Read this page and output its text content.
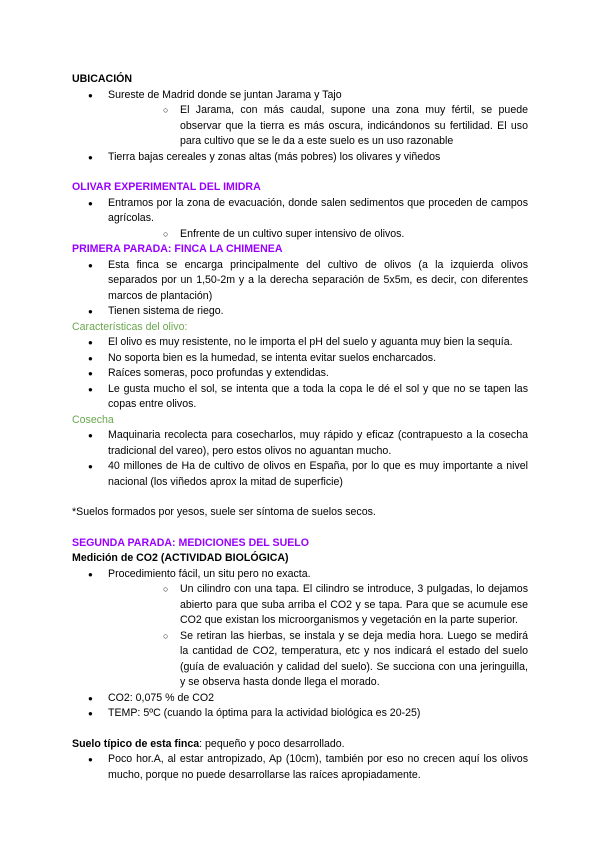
UBICACIÓN
● Sureste de Madrid donde se juntan Jarama y Tajo
○ El Jarama, con más caudal, supone una zona muy fértil, se puede observar que la tierra es más oscura, indicándonos su fertilidad. El uso para cultivo que se le da a este suelo es un uso razonable
● Tierra bajas cereales y zonas altas (más pobres) los olivares y viñedos
OLIVAR EXPERIMENTAL DEL IMIDRA
● Entramos por la zona de evacuación, donde salen sedimentos que proceden de campos agrícolas.
○ Enfrente de un cultivo super intensivo de olivos.
PRIMERA PARADA: FINCA LA CHIMENEA
● Esta finca se encarga principalmente del cultivo de olivos (a la izquierda olivos separados por un 1,50-2m y a la derecha separación de 5x5m, es decir, con diferentes marcos de plantación)
● Tienen sistema de riego.
Características del olivo:
● El olivo es muy resistente, no le importa el pH del suelo y aguanta muy bien la sequía.
● No soporta bien es la humedad, se intenta evitar suelos encharcados.
● Raíces someras, poco profundas y extendidas.
● Le gusta mucho el sol, se intenta que a toda la copa le dé el sol y que no se tapen las copas entre olivos.
Cosecha
● Maquinaria recolecta para cosecharlos, muy rápido y eficaz (contrapuesto a la cosecha tradicional del vareo), pero estos olivos no aguantan mucho.
● 40 millones de Ha de cultivo de olivos en España, por lo que es muy importante a nivel nacional (los viñedos aprox la mitad de superficie)

*Suelos formados por yesos, suele ser síntoma de suelos secos.

SEGUNDA PARADA: MEDICIONES DEL SUELO
Medición de CO2 (ACTIVIDAD BIOLÓGICA)
● Procedimiento fácil, un situ pero no exacta.
○ Un cilindro con una tapa. El cilindro se introduce, 3 pulgadas, lo dejamos abierto para que suba arriba el CO2 y se tapa. Para que se acumule ese CO2 que existan los microorganismos y vegetación en la parte superior.
○ Se retiran las hierbas, se instala y se deja media hora. Luego se medirá la cantidad de CO2, temperatura, etc y nos indicará el estado del suelo (guía de evaluación y calidad del suelo). Se succiona con una jeringuilla, y se observa hasta donde llega el morado.
● CO2: 0,075 % de CO2
● TEMP: 5ºC (cuando la óptima para la actividad biológica es 20-25)

Suelo típico de esta finca: pequeño y poco desarrollado.

● Poco hor.A, al estar antropizado, Ap (10cm), también por eso no crecen aquí los olivos mucho, porque no puede desarrollarse las raíces apropiadamente.
